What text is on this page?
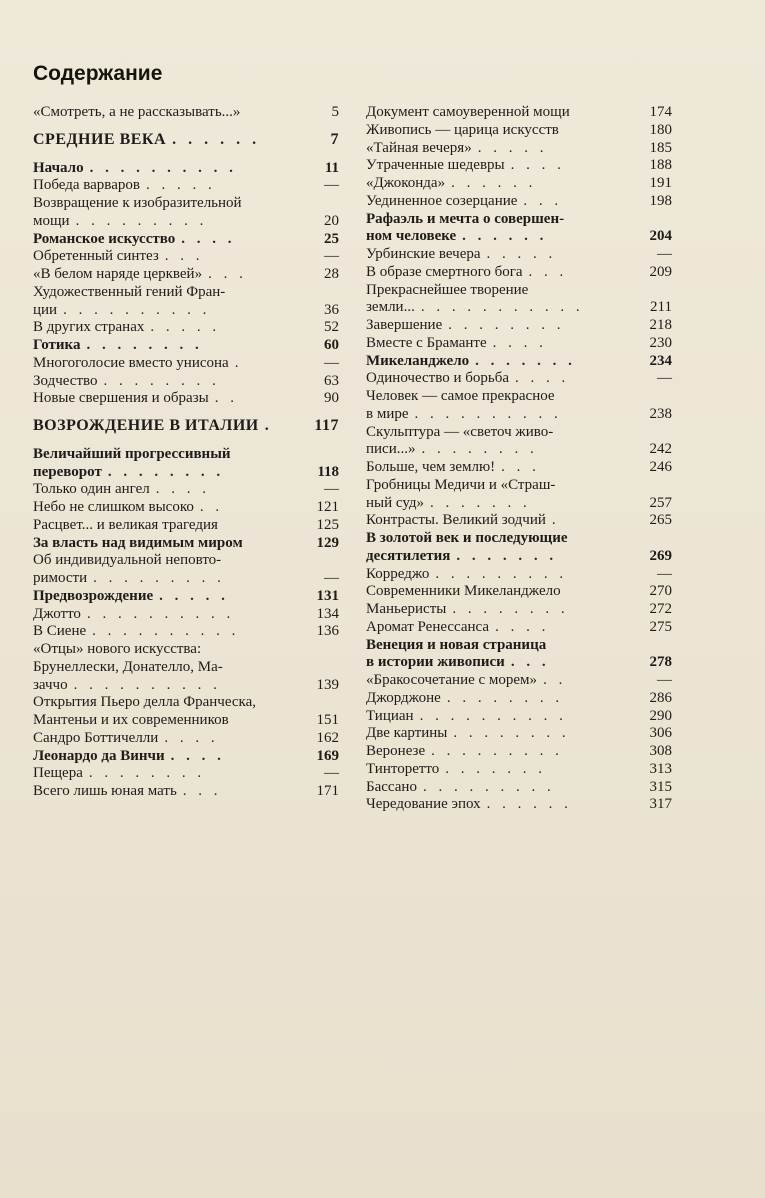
Содержание
«Смотреть, а не рассказывать...»	5
СРЕДНИЕ ВЕКА . . . . . .	7
Начало . . . . . . . . . .	11
Победа варваров . . . . .	—
Возвращение к изобразительной
мощи . . . . . . . . .	20
Романское искусство . . . .	25
Обретенный синтез . . .	—
«В белом наряде церквей» . . .	28
Художественный гений Фран-
ции . . . . . . . . . .	36
В других странах . . . . .	52
Готика . . . . . . . .	60
Многоголосие вместо унисона .	—
Зодчество . . . . . . . .	63
Новые свершения и образы . .	90
ВОЗРОЖДЕНИЕ В ИТАЛИИ .	117
Величайший прогрессивный
переворот . . . . . . . .	118
Только один ангел . . . .	—
Небо не слишком высоко . .	121
Расцвет... и великая трагедия	125
За власть над видимым миром	129
Об индивидуальной неповто-
римости . . . . . . . . .	—
Предвозрождение . . . . .	131
Джотто . . . . . . . . . .	134
В Сиене . . . . . . . . . .	136
«Отцы» нового искусства:
Брунеллески, Донателло, Ма-
заччо . . . . . . . . . .	139
Открытия Пьеро делла Франческа,
Мантеньи и их современников	151
Сандро Боттичелли . . . .	162
Леонардо да Винчи . . . .	169
Пещера . . . . . . . .	—
Всего лишь юная мать . . .	171
Документ самоуверенной мощи	174
Живопись — царица искусств	180
«Тайная вечеря» . . . . .	185
Утраченные шедевры . . . .	188
«Джоконда» . . . . . .	191
Уединенное созерцание . . .	198
Рафаэль и мечта о совершен-
ном человеке . . . . . .	204
Урбинские вечера . . . . .	—
В образе смертного бога . . .	209
Прекраснейшее творение
земли... . . . . . . . . . . .	211
Завершение . . . . . . . .	218
Вместе с Браманте . . . .	230
Микеланджело . . . . . . .	234
Одиночество и борьба . . . .	—
Человек — самое прекрасное
в мире . . . . . . . . . .	238
Скульптура — «светоч живо-
писи...» . . . . . . . .	242
Больше, чем землю! . . .	246
Гробницы Медичи и «Страш-
ный суд» . . . . . . .	257
Контрасты. Великий зодчий .	265
В золотой век и последующие
десятилетия . . . . . . .	269
Корреджо . . . . . . . . .	—
Современники Микеланджело	270
Маньеристы . . . . . . . .	272
Аромат Ренессанса . . . .	275
Венеция и новая страница
в истории живописи . . .	278
«Бракосочетание с морем» . .	—
Джорджоне . . . . . . . .	286
Тициан . . . . . . . . . .	290
Две картины . . . . . . . .	306
Веронезе . . . . . . . . .	308
Тинторетто . . . . . . .	313
Бассано . . . . . . . . .	315
Чередование эпох . . . . . .	317
